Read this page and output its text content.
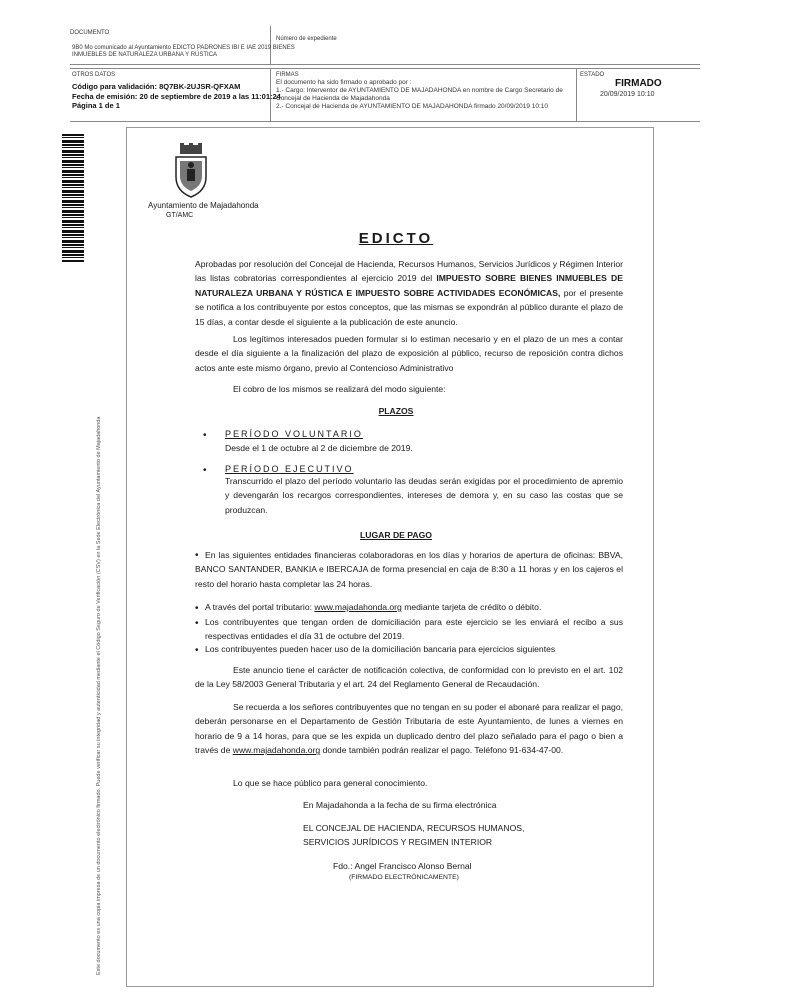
DOCUMENTO
9B0 Mo comunicado al Ayuntamiento EDICTO PADRONES IBI E IAE 2019 BIENES
INMUEBLES DE NATURALEZA URBANA Y RÚSTICA
Número de expediente
OTROS DATOS
Código para validación: 8Q7BK-2UJSR-QFXAM
Fecha de emisión: 20 de septiembre de 2019 a las 11:01:24
Página 1 de 1
FIRMAS
El documento ha sido firmado o aprobado por :
1.- Cargo: Interventor de AYUNTAMIENTO DE MAJADAHONDA en nombre de Cargo Secretario de
Concejal de Hacienda de Majadahonda
2.- Concejal de Hacienda de AYUNTAMIENTO DE MAJADAHONDA firmado 20/09/2019 10:10
ESTADO
FIRMADO
20/09/2019 10:10
Este documento es una copia impresa de un documento electrónico firmado. Puede verificar su integridad y autenticidad mediante el Código Seguro de Verificación (CSV) en la Sede Electrónica del Ayuntamiento de Majadahonda
Ayuntamiento de Majadahonda
GT/AMC
EDICTO
Aprobadas por resolución del Concejal de Hacienda, Recursos Humanos, Servicios Jurídicos y Régimen Interior las listas cobratorias correspondientes al ejercicio 2019 del IMPUESTO SOBRE BIENES INMUEBLES DE NATURALEZA URBANA Y RÚSTICA E IMPUESTO SOBRE ACTIVIDADES ECONÓMICAS, por el presente se notifica a los contribuyente por estos conceptos, que las mismas se expondrán al público durante el plazo de 15 días, a contar desde el siguiente a la publicación de este anuncio.
Los legítimos interesados pueden formular si lo estiman necesario y en el plazo de un mes a contar desde el día siguiente a la finalización del plazo de exposición al público, recurso de reposición contra dichos actos ante este mismo órgano, previo al Contencioso Administrativo
El cobro de los mismos se realizará del modo siguiente:
PLAZOS
• PERÍODO VOLUNTARIO
Desde el 1 de octubre al 2 de diciembre de 2019.
• PERÍODO EJECUTIVO
Transcurrido el plazo del período voluntario las deudas serán exigidas por el procedimiento de apremio y devengarán los recargos correspondientes, intereses de demora y, en su caso las costas que se produzcan.
LUGAR DE PAGO
• En las siguientes entidades financieras colaboradoras en los días y horarios de apertura de oficinas: BBVA, BANCO SANTANDER, BANKIA e IBERCAJA de forma presencial en caja de 8:30 a 11 horas y en los cajeros el resto del horario hasta completar las 24 horas.
• A través del portal tributario: www.majadahonda.org mediante tarjeta de crédito o débito.
• Los contribuyentes que tengan orden de domiciliación para este ejercicio se les enviará el recibo a sus respectivas entidades el día 31 de octubre del 2019.
• Los contribuyentes pueden hacer uso de la domiciliación bancaria para ejercicios siguientes
Este anuncio tiene el carácter de notificación colectiva, de conformidad con lo previsto en el art. 102 de la Ley 58/2003 General Tributaria y el art. 24 del Reglamento General de Recaudación.
Se recuerda a los señores contribuyentes que no tengan en su poder el abonaré para realizar el pago, deberán personarse en el Departamento de Gestión Tributaria de este Ayuntamiento, de lunes a viernes en horario de 9 a 14 horas, para que se les expida un duplicado dentro del plazo señalado para el pago o bien a través de www.majadahonda.org donde también podrán realizar el pago. Teléfono 91-634-47-00.
Lo que se hace público para general conocimiento.
En Majadahonda a la fecha de su firma electrónica
EL CONCEJAL DE HACIENDA, RECURSOS HUMANOS,
SERVICIOS JURÍDICOS Y REGIMEN INTERIOR
Fdo.: Angel Francisco Alonso Bernal
(FIRMADO ELECTRÓNICAMENTE)
